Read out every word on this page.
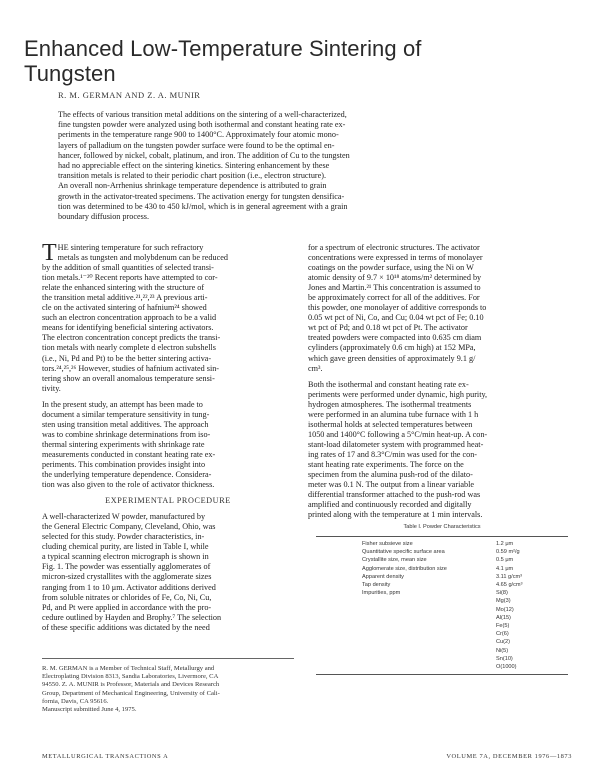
Enhanced Low-Temperature Sintering of
Tungsten
R. M. GERMAN AND Z. A. MUNIR
The effects of various transition metal additions on the sintering of a well-characterized,
fine tungsten powder were analyzed using both isothermal and constant heating rate ex-
periments in the temperature range 900 to 1400°C. Approximately four atomic mono-
layers of palladium on the tungsten powder surface were found to be the optimal en-
hancer, followed by nickel, cobalt, platinum, and iron. The addition of Cu to the tungsten
had no appreciable effect on the sintering kinetics. Sintering enhancement by these
transition metals is related to their periodic chart position (i.e., electron structure).
An overall non-Arrhenius shrinkage temperature dependence is attributed to grain
growth in the activator-treated specimens. The activation energy for tungsten densifica-
tion was determined to be 430 to 450 kJ/mol, which is in general agreement with a grain
boundary diffusion process.
T HE sintering temperature for such refractory
metals as tungsten and molybdenum can be reduced
by the addition of small quantities of selected transi-
tion metals.¹⁻²⁰ Recent reports have attempted to cor-
relate the enhanced sintering with the structure of
the transition metal additive.²¹,²²,²³ A previous arti-
cle on the activated sintering of hafnium²⁴ showed
such an electron concentration approach to be a valid
means for identifying beneficial sintering activators.
The electron concentration concept predicts the transi-
tion metals with nearly complete d electron subshells
(i.e., Ni, Pd and Pt) to be the better sintering activa-
tors.²⁴,²⁵,²⁶ However, studies of hafnium activated sin-
tering show an overall anomalous temperature sensi-
tivity.
In the present study, an attempt has been made to
document a similar temperature sensitivity in tung-
sten using transition metal additives. The approach
was to combine shrinkage determinations from iso-
thermal sintering experiments with shrinkage rate
measurements conducted in constant heating rate ex-
periments. This combination provides insight into
the underlying temperature dependence. Considera-
tion was also given to the role of activator thickness.
EXPERIMENTAL PROCEDURE
A well-characterized W powder, manufactured by
the General Electric Company, Cleveland, Ohio, was
selected for this study. Powder characteristics, in-
cluding chemical purity, are listed in Table I, while
a typical scanning electron micrograph is shown in
Fig. 1. The powder was essentially agglomerates of
micron-sized crystallites with the agglomerate sizes
ranging from 1 to 10 μm. Activator additions derived
from soluble nitrates or chlorides of Fe, Co, Ni, Cu,
Pd, and Pt were applied in accordance with the pro-
cedure outlined by Hayden and Brophy.⁷ The selection
of these specific additions was dictated by the need
R. M. GERMAN is a Member of Technical Staff, Metallurgy and
Electroplating Division 8313, Sandia Laboratories, Livermore, CA
94550. Z. A. MUNIR is Professor, Materials and Devices Research
Group, Department of Mechanical Engineering, University of Cali-
fornia, Davis, CA 95616.
Manuscript submitted June 4, 1975.
for a spectrum of electronic structures. The activator
concentrations were expressed in terms of monolayer
coatings on the powder surface, using the Ni on W
atomic density of 9.7 × 10¹⁸ atoms/m² determined by
Jones and Martin.²¹ This concentration is assumed to
be approximately correct for all of the additives. For
this powder, one monolayer of additive corresponds to
0.05 wt pct of Ni, Co, and Cu; 0.04 wt pct of Fe; 0.10
wt pct of Pd; and 0.18 wt pct of Pt. The activator
treated powders were compacted into 0.635 cm diam
cylinders (approximately 0.6 cm high) at 152 MPa,
which gave green densities of approximately 9.1 g/
cm³.
Both the isothermal and constant heating rate ex-
periments were performed under dynamic, high purity,
hydrogen atmospheres. The isothermal treatments
were performed in an alumina tube furnace with 1 h
isothermal holds at selected temperatures between
1050 and 1400°C following a 5°C/min heat-up. A con-
stant-load dilatometer system with programmed heat-
ing rates of 17 and 8.3°C/min was used for the con-
stant heating rate experiments. The force on the
specimen from the alumina push-rod of the dilato-
meter was 0.1 N. The output from a linear variable
differential transformer attached to the push-rod was
amplified and continuously recorded and digitally
printed along with the temperature at 1 min intervals.
Table I. Powder Characteristics
Fisher subsieve size	1.2 μm
Quantitative specific surface area	0.59 m²/g
Crystallite size, mean size	0.5 μm
Agglomerate size, distribution size	4.1 μm
Apparent density	3.11 g/cm³
Tap density	4.65 g/cm³
Impurities, ppm	Si(8)
Mg(3)
Mo(12)
Al(15)
Fe(5)
Cr(6)
Cu(2)
Ni(5)
Sn(10)
O(1000)
METALLURGICAL TRANSACTIONS A	VOLUME 7A, DECEMBER 1976—1873
